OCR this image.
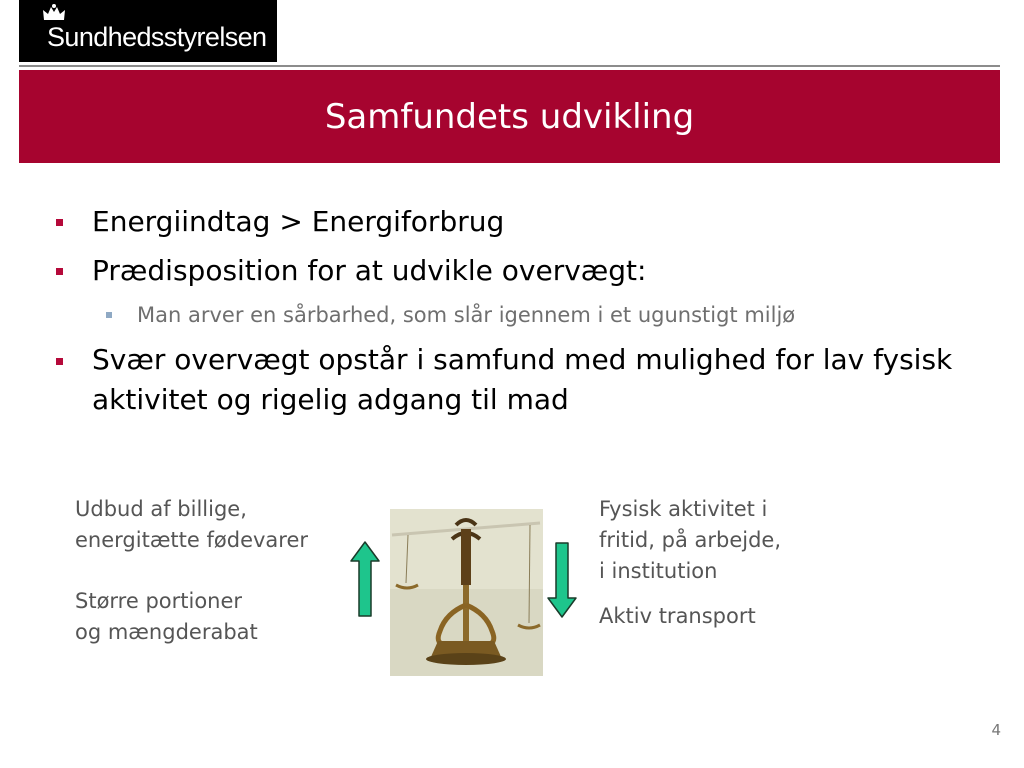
Sundhedsstyrelsen
Samfundets udvikling
Energiindtag > Energiforbrug
Prædisposition for at udvikle overvægt:
Man arver en sårbarhed, som slår igennem i et ugunstigt miljø
Svær overvægt opstår i samfund med mulighed for lav fysisk aktivitet og rigelig adgang til mad
Udbud af billige,
energitætte fødevarer
Større portioner
og mængderabat
Fysisk aktivitet i
fritid, på arbejde,
i institution
Aktiv transport
4
